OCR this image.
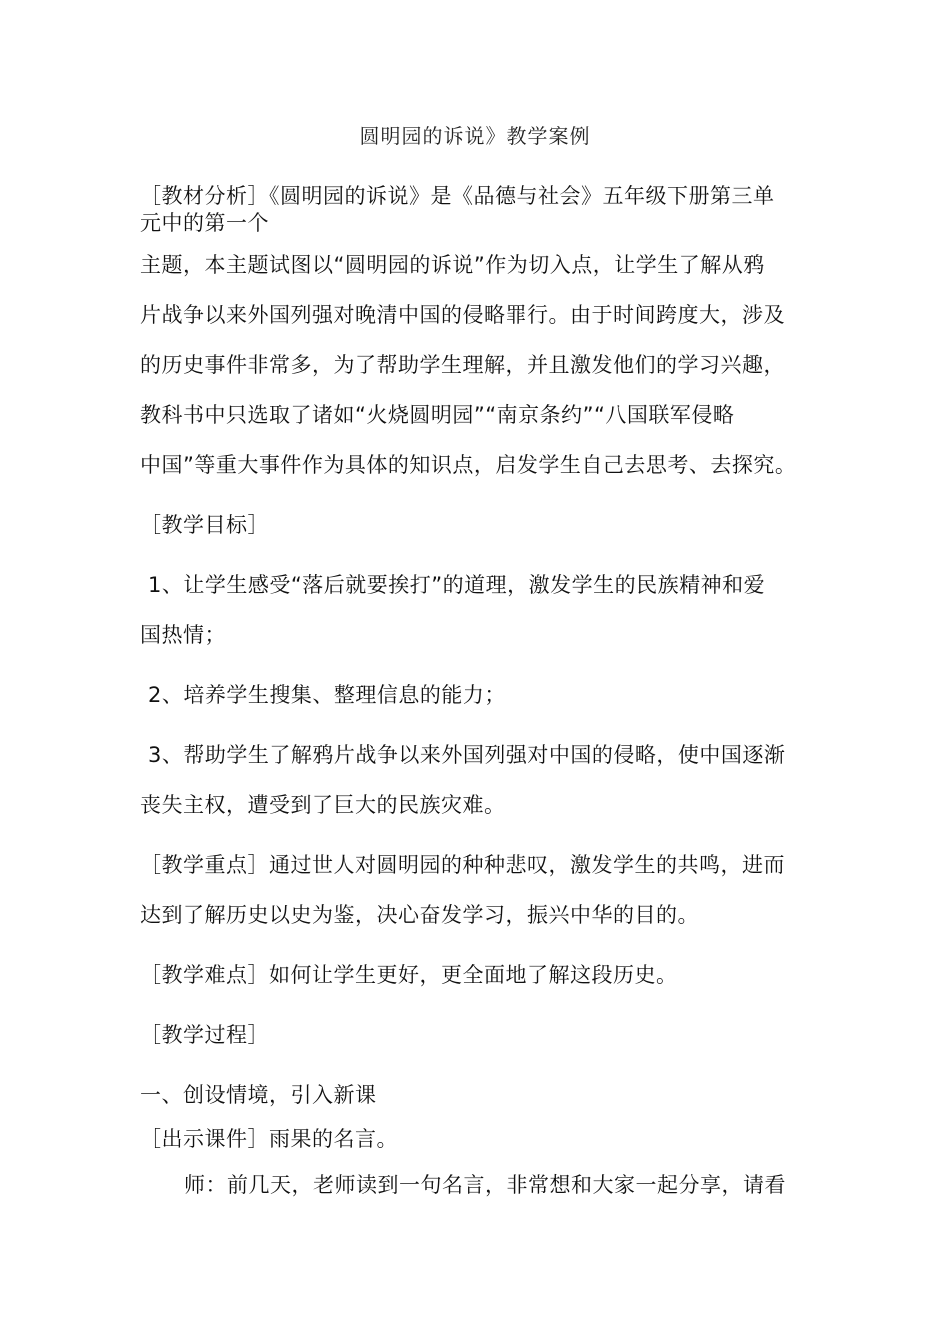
圆明园的诉说》教学案例
［教材分析］《圆明园的诉说》是《品德与社会》五年级下册第三单
元中的第一个
主题，本主题试图以“圆明园的诉说”作为切入点，让学生了解从鸦
片战争以来外国列强对晚清中国的侵略罪行。由于时间跨度大，涉及
的历史事件非常多，为了帮助学生理解，并且激发他们的学习兴趣，
教科书中只选取了诸如“火烧圆明园”“南京条约”“八国联军侵略
中国”等重大事件作为具体的知识点，启发学生自己去思考、去探究。
［教学目标］
1、让学生感受“落后就要挨打”的道理，激发学生的民族精神和爱
国热情；
2、培养学生搜集、整理信息的能力；
3、帮助学生了解鸦片战争以来外国列强对中国的侵略，使中国逐渐
丧失主权，遭受到了巨大的民族灾难。
［教学重点］通过世人对圆明园的种种悲叹，激发学生的共鸣，进而
达到了解历史以史为鉴，决心奋发学习，振兴中华的目的。
［教学难点］如何让学生更好，更全面地了解这段历史。
［教学过程］
一、创设情境，引入新课
［出示课件］雨果的名言。
师：前几天，老师读到一句名言，非常想和大家一起分享，请看
